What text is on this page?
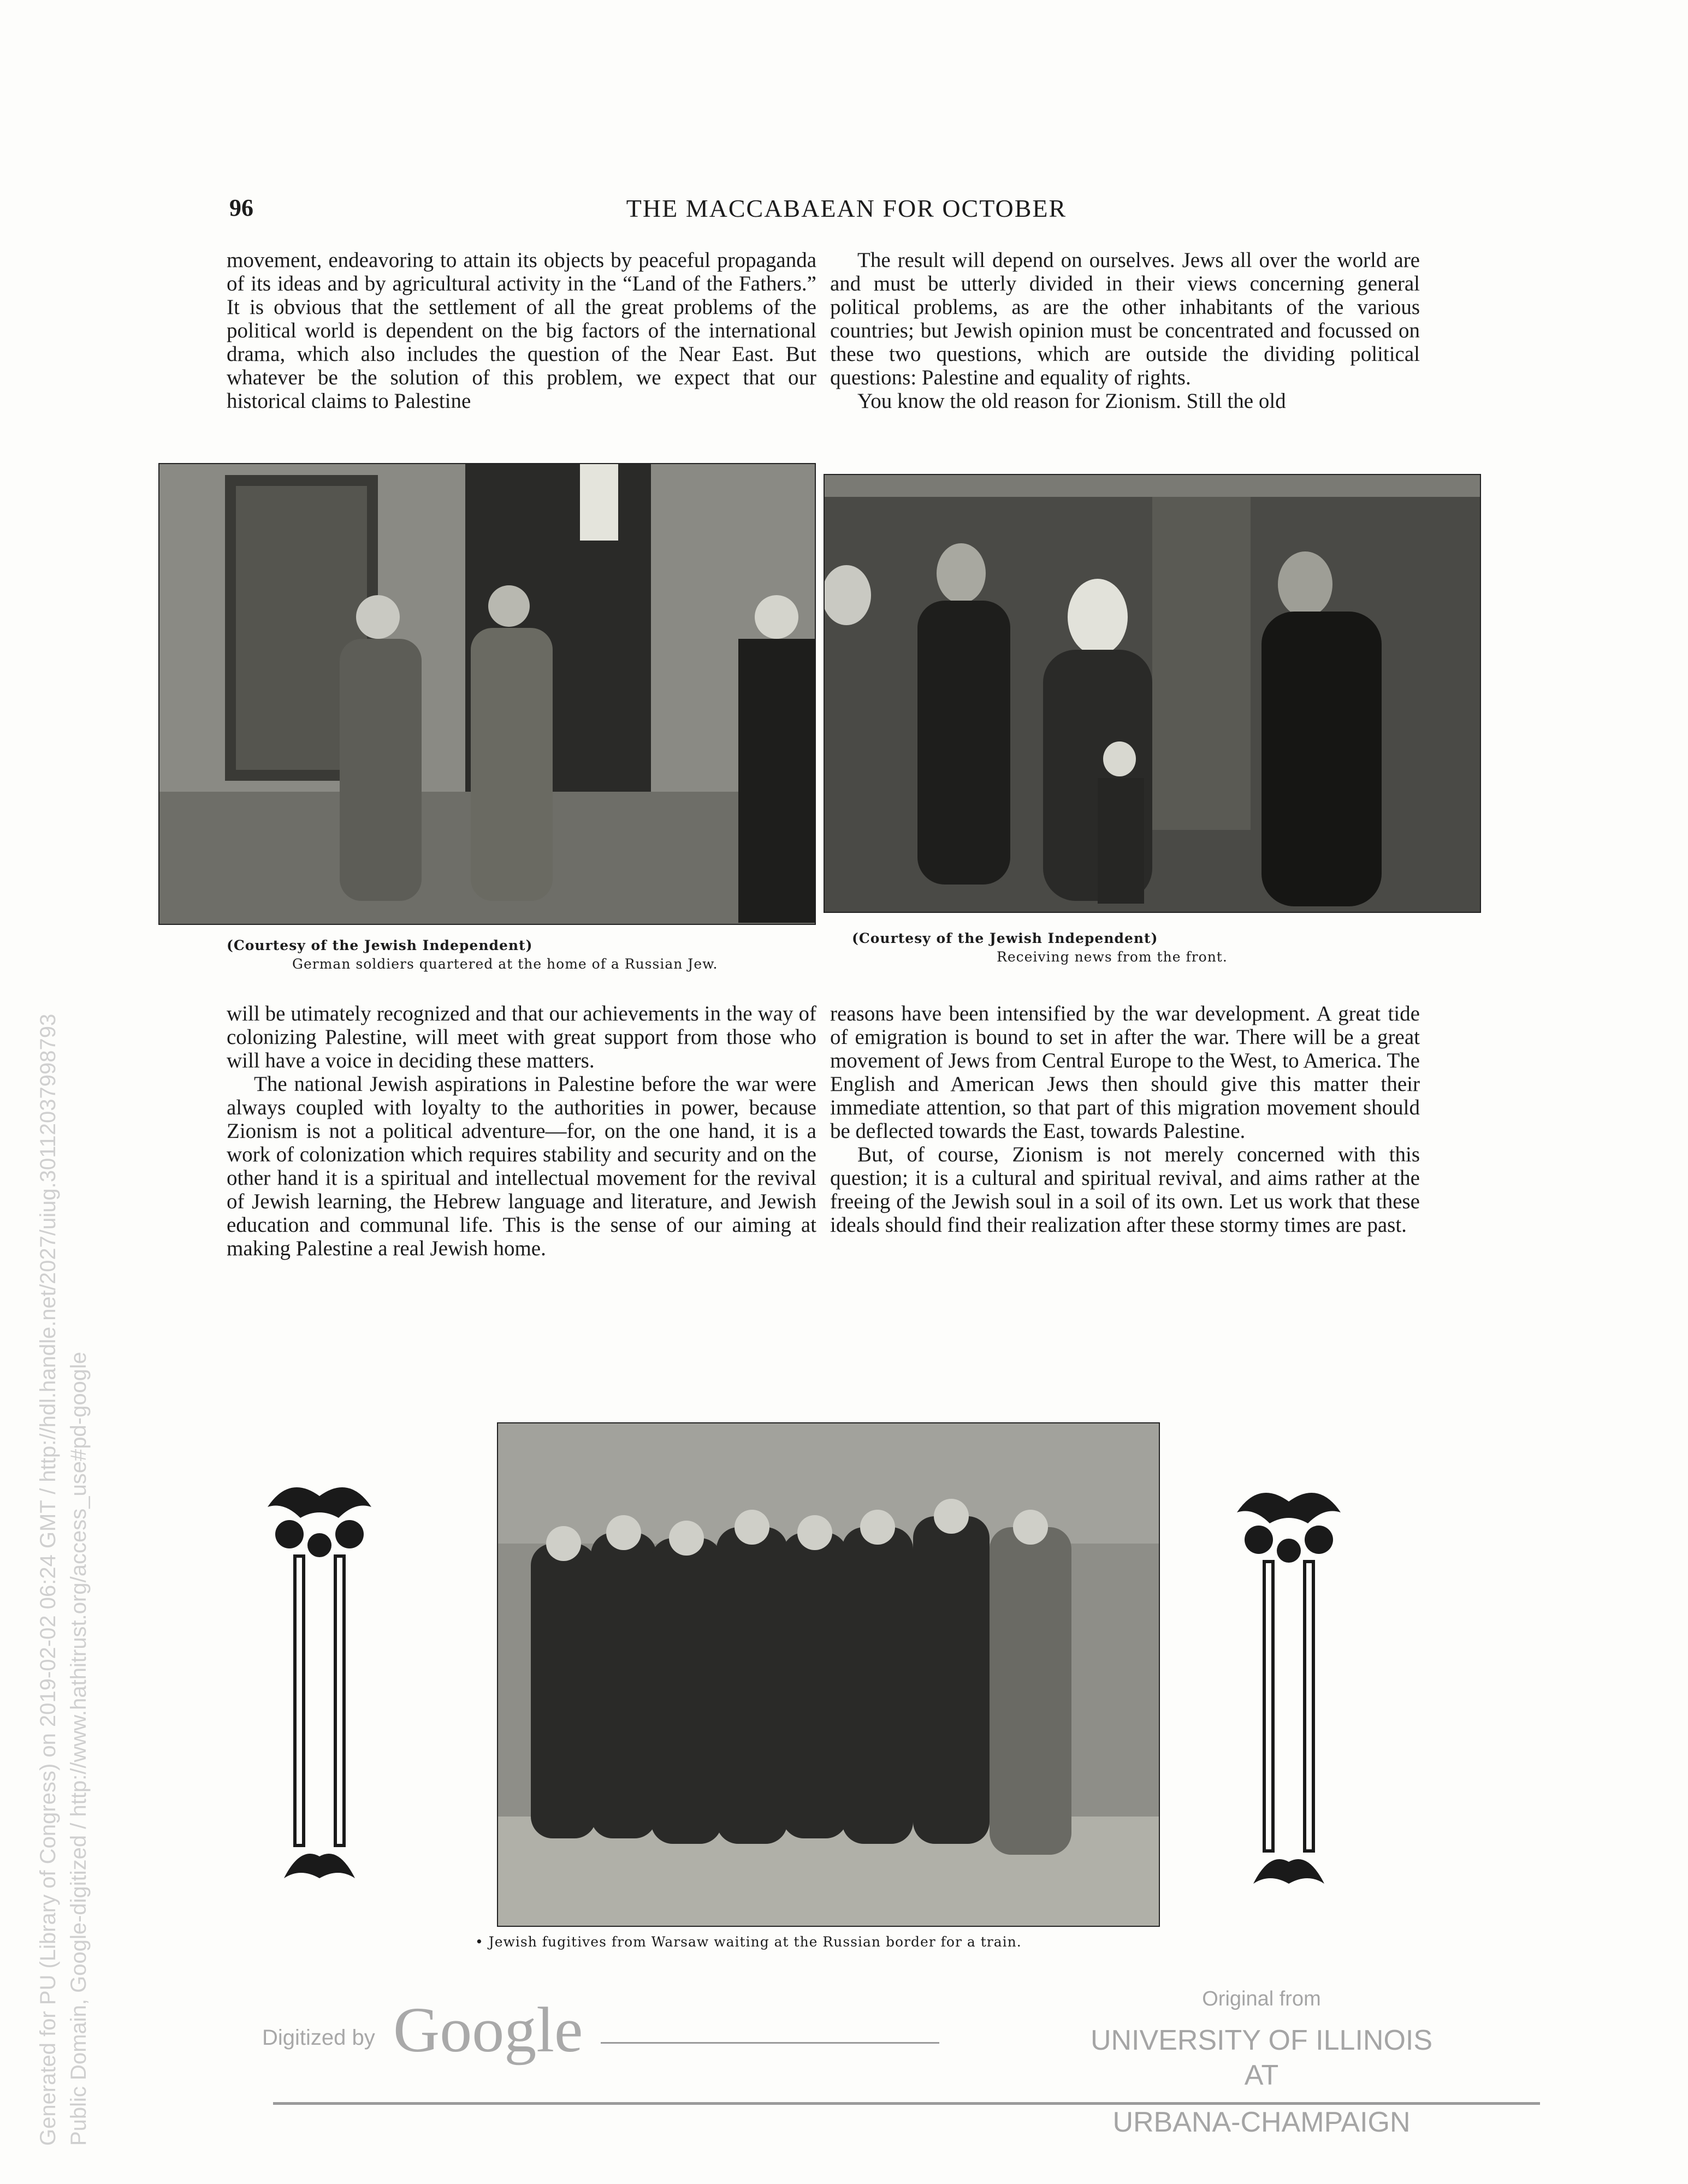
96	THE MACCABAEAN FOR OCTOBER

movement, endeavoring to attain its objects by peaceful propaganda of its ideas and by agricultural activity in the “Land of the Fathers.” It is obvious that the settlement of all the great problems of the political world is dependent on the big factors of the international drama, which also includes the question of the Near East. But whatever be the solution of this problem, we expect that our historical claims to Palestine

The result will depend on ourselves. Jews all over the world are and must be utterly divided in their views concerning general political problems, as are the other inhabitants of the various countries; but Jewish opinion must be concentrated and focussed on these two questions, which are outside the dividing political questions: Palestine and equality of rights.

You know the old reason for Zionism. Still the old

(Courtesy of the Jewish Independent)
German soldiers quartered at the home of a Russian Jew.
(Courtesy of the Jewish Independent)
Receiving news from the front.

will be utimately recognized and that our achievements in the way of colonizing Palestine, will meet with great support from those who will have a voice in deciding these matters.

The national Jewish aspirations in Palestine before the war were always coupled with loyalty to the authorities in power, because Zionism is not a political adventure—for, on the one hand, it is a work of colonization which requires stability and security and on the other hand it is a spiritual and intellectual movement for the revival of Jewish learning, the Hebrew language and literature, and Jewish education and communal life. This is the sense of our aiming at making Palestine a real Jewish home.

reasons have been intensified by the war development. A great tide of emigration is bound to set in after the war. There will be a great movement of Jews from Central Europe to the West, to America. The English and American Jews then should give this matter their immediate attention, so that part of this migration movement should be deflected towards the East, towards Palestine.

But, of course, Zionism is not merely concerned with this question; it is a cultural and spiritual revival, and aims rather at the freeing of the Jewish soul in a soil of its own. Let us work that these ideals should find their realization after these stormy times are past.

• Jewish fugitives from Warsaw waiting at the Russian border for a train.
Digitized by Google	Original from
UNIVERSITY OF ILLINOIS AT
URBANA-CHAMPAIGN
Generated for PU (Library of Congress) on 2019-02-02 06:24 GMT / http://hdl.handle.net/2027/uiug.30112037998793 Public Domain, Google-digitized / http://www.hathitrust.org/access_use#pd-google
